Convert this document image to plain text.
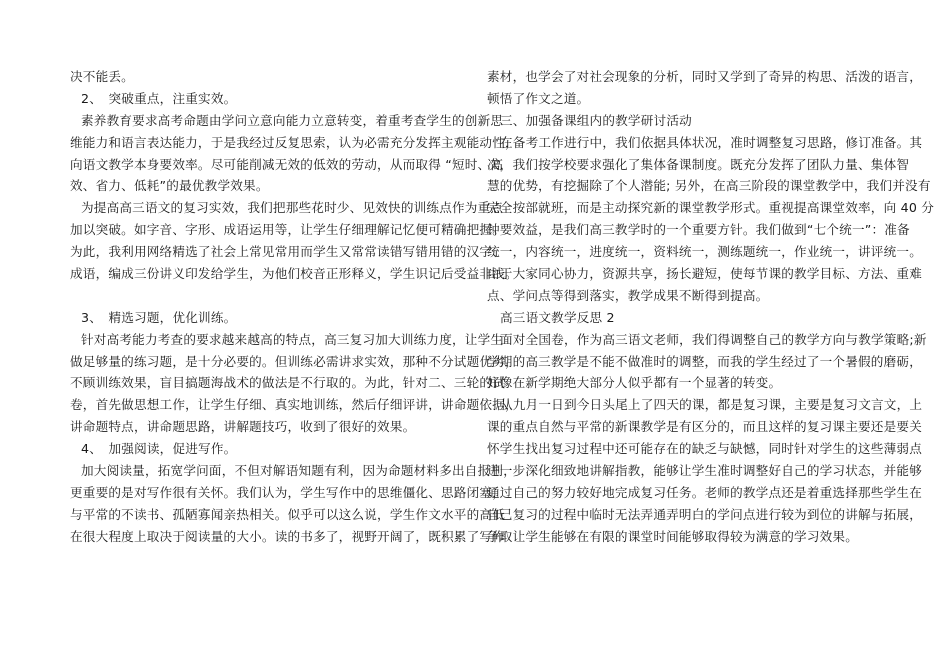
决不能丢。
2、　突破重点，注重实效。
素养教育要求高考命题由学问立意向能力立意转变，着重考查学生的创新思
维能力和语言表达能力，于是我经过反复思索，认为必需充分发挥主观能动性，
向语文教学本身要效率。尽可能削减无效的低效的劳动，从而取得 “短时、高
效、省力、低耗”的最优教学效果。
为提高高三语文的复习实效，我们把那些花时少、见效快的训练点作为重点
加以突破。如字音、字形、成语运用等，让学生仔细理解记忆便可精确把握。
为此，我利用网络精选了社会上常见常用而学生又常常读错写错用错的汉字、
成语，编成三份讲义印发给学生，为他们校音正形释义，学生识记后受益非浅。
3、　精选习题，优化训练。
针对高考能力考查的要求越来越高的特点，高三复习加大训练力度，让学生
做足够量的练习题，是十分必要的。但训练必需讲求实效，那种不分试题优劣，
不顾训练效果，盲目搞题海战术的做法是不行取的。为此，针对二、三轮的试
卷，首先做思想工作，让学生仔细、真实地训练，然后仔细评讲，讲命题依据，
讲命题特点，讲命题思路，讲解题技巧，收到了很好的效果。
4、　加强阅读，促进写作。
加大阅读量，拓宽学问面，不但对解语知题有利，因为命题材料多出自报刊，
更重要的是对写作很有关怀。我们认为，学生写作中的思维僵化、思路闭塞，
与平常的不读书、孤陋寡闻亲热相关。似乎可以这么说，学生作文水平的高低
在很大程度上取决于阅读量的大小。读的书多了，视野开阔了，既积累了写作
素材，也学会了对社会现象的分析，同时又学到了奇异的构思、活泼的语言，
顿悟了作文之道。
三、加强备课组内的教学研讨活动
在备考工作进行中，我们依据具体状况，准时调整复习思路，修订准备。其
次，我们按学校要求强化了集体备课制度。既充分发挥了团队力量、集体智
慧的优势，有挖掘除了个人潜能; 另外，在高三阶段的课堂教学中，我们并没有
完全按部就班，而是主动探究新的课堂教学形式。重视提高课堂效率，向 40 分
钟要效益，是我们高三教学时的一个重要方针。我们做到“七个统一”：准备
统一，内容统一，进度统一，资料统一，测练题统一，作业统一，讲评统一。
由于大家同心协力，资源共享，扬长避短，使每节课的教学目标、方法、重难
点、学问点等得到落实，教学成果不断得到提高。
高三语文教学反思 2
面对全国卷，作为高三语文老师，我们得调整自己的教学方向与教学策略;新
学期的高三教学是不能不做准时的调整，而我的学生经过了一个暑假的磨砺，
好像在新学期绝大部分人似乎都有一个显著的转变。
从九月一日到今日头尾上了四天的课，都是复习课，主要是复习文言文，上
课的重点自然与平常的新课教学是有区分的，而且这样的复习课主要还是要关
怀学生找出复习过程中还可能存在的缺乏与缺憾，同时针对学生的这些薄弱点
进一步深化细致地讲解指教，能够让学生准时调整好自己的学习状态，并能够
通过自己的努力较好地完成复习任务。老师的教学点还是着重选择那些学生在
自己复习的过程中临时无法弄通弄明白的学问点进行较为到位的讲解与拓展，
争取让学生能够在有限的课堂时间能够取得较为满意的学习效果。
